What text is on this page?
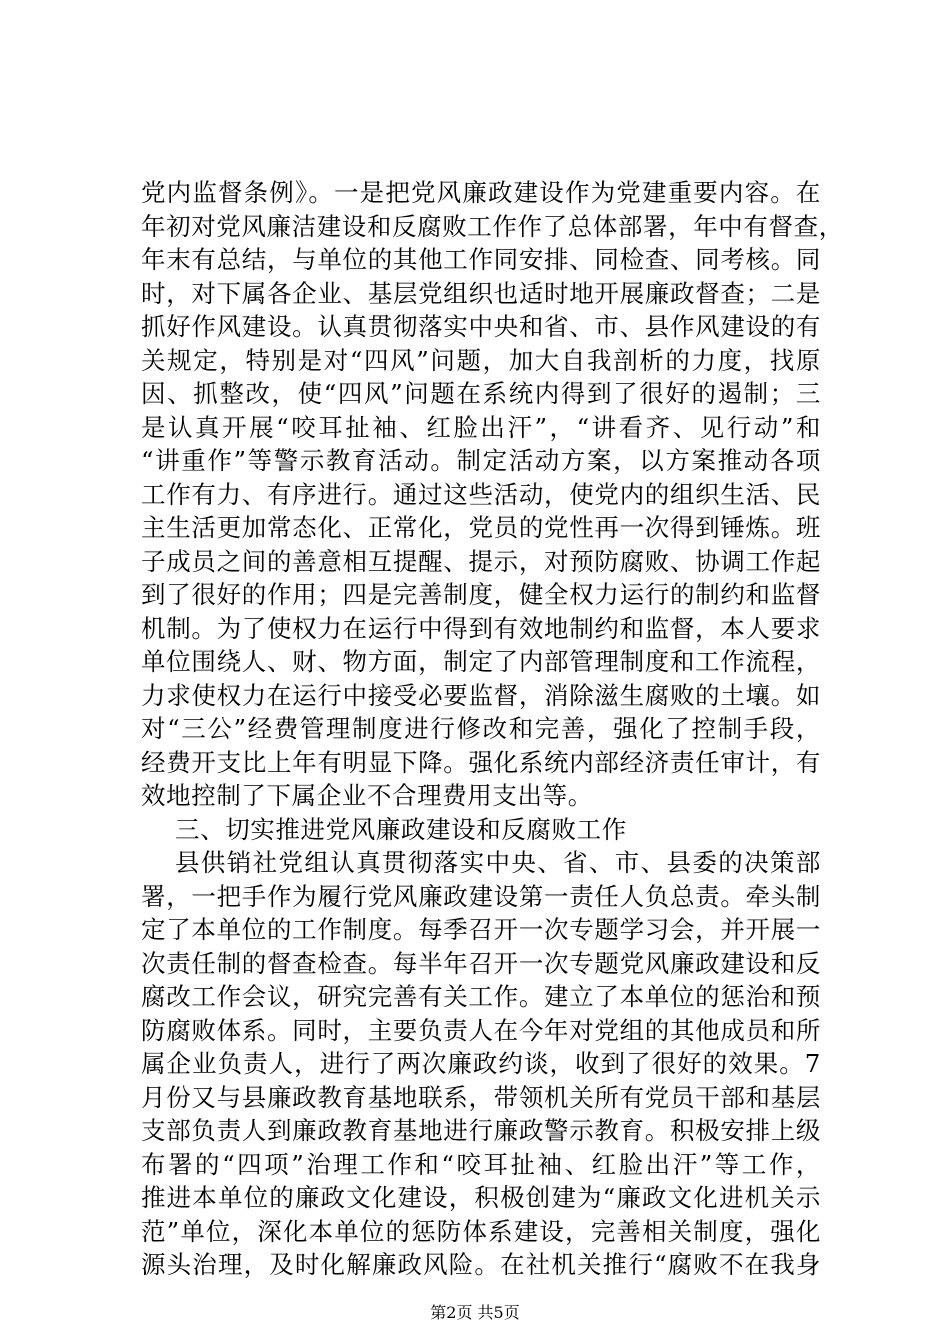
党内监督条例》。一是把党风廉政建设作为党建重要内容。在
年初对党风廉洁建设和反腐败工作作了总体部署，年中有督查，
年末有总结，与单位的其他工作同安排、同检查、同考核。同
时，对下属各企业、基层党组织也适时地开展廉政督查；二是
抓好作风建设。认真贯彻落实中央和省、市、县作风建设的有
关规定，特别是对“四风”问题，加大自我剖析的力度，找原
因、抓整改，使“四风”问题在系统内得到了很好的遏制；三
是认真开展“咬耳扯袖、红脸出汗”，“讲看齐、见行动”和
“讲重作”等警示教育活动。制定活动方案，以方案推动各项
工作有力、有序进行。通过这些活动，使党内的组织生活、民
主生活更加常态化、正常化，党员的党性再一次得到锤炼。班
子成员之间的善意相互提醒、提示，对预防腐败、协调工作起
到了很好的作用；四是完善制度，健全权力运行的制约和监督
机制。为了使权力在运行中得到有效地制约和监督，本人要求
单位围绕人、财、物方面，制定了内部管理制度和工作流程，
力求使权力在运行中接受必要监督，消除滋生腐败的土壤。如
对“三公”经费管理制度进行修改和完善，强化了控制手段，
经费开支比上年有明显下降。强化系统内部经济责任审计，有
效地控制了下属企业不合理费用支出等。
三、切实推进党风廉政建设和反腐败工作
县供销社党组认真贯彻落实中央、省、市、县委的决策部
署，一把手作为履行党风廉政建设第一责任人负总责。牵头制
定了本单位的工作制度。每季召开一次专题学习会，并开展一
次责任制的督查检查。每半年召开一次专题党风廉政建设和反
腐改工作会议，研究完善有关工作。建立了本单位的惩治和预
防腐败体系。同时，主要负责人在今年对党组的其他成员和所
属企业负责人，进行了两次廉政约谈，收到了很好的效果。7
月份又与县廉政教育基地联系，带领机关所有党员干部和基层
支部负责人到廉政教育基地进行廉政警示教育。积极安排上级
布署的“四项”治理工作和“咬耳扯袖、红脸出汗”等工作，
推进本单位的廉政文化建设，积极创建为“廉政文化进机关示
范”单位，深化本单位的惩防体系建设，完善相关制度，强化
源头治理，及时化解廉政风险。在社机关推行“腐败不在我身
第2页 共5页
